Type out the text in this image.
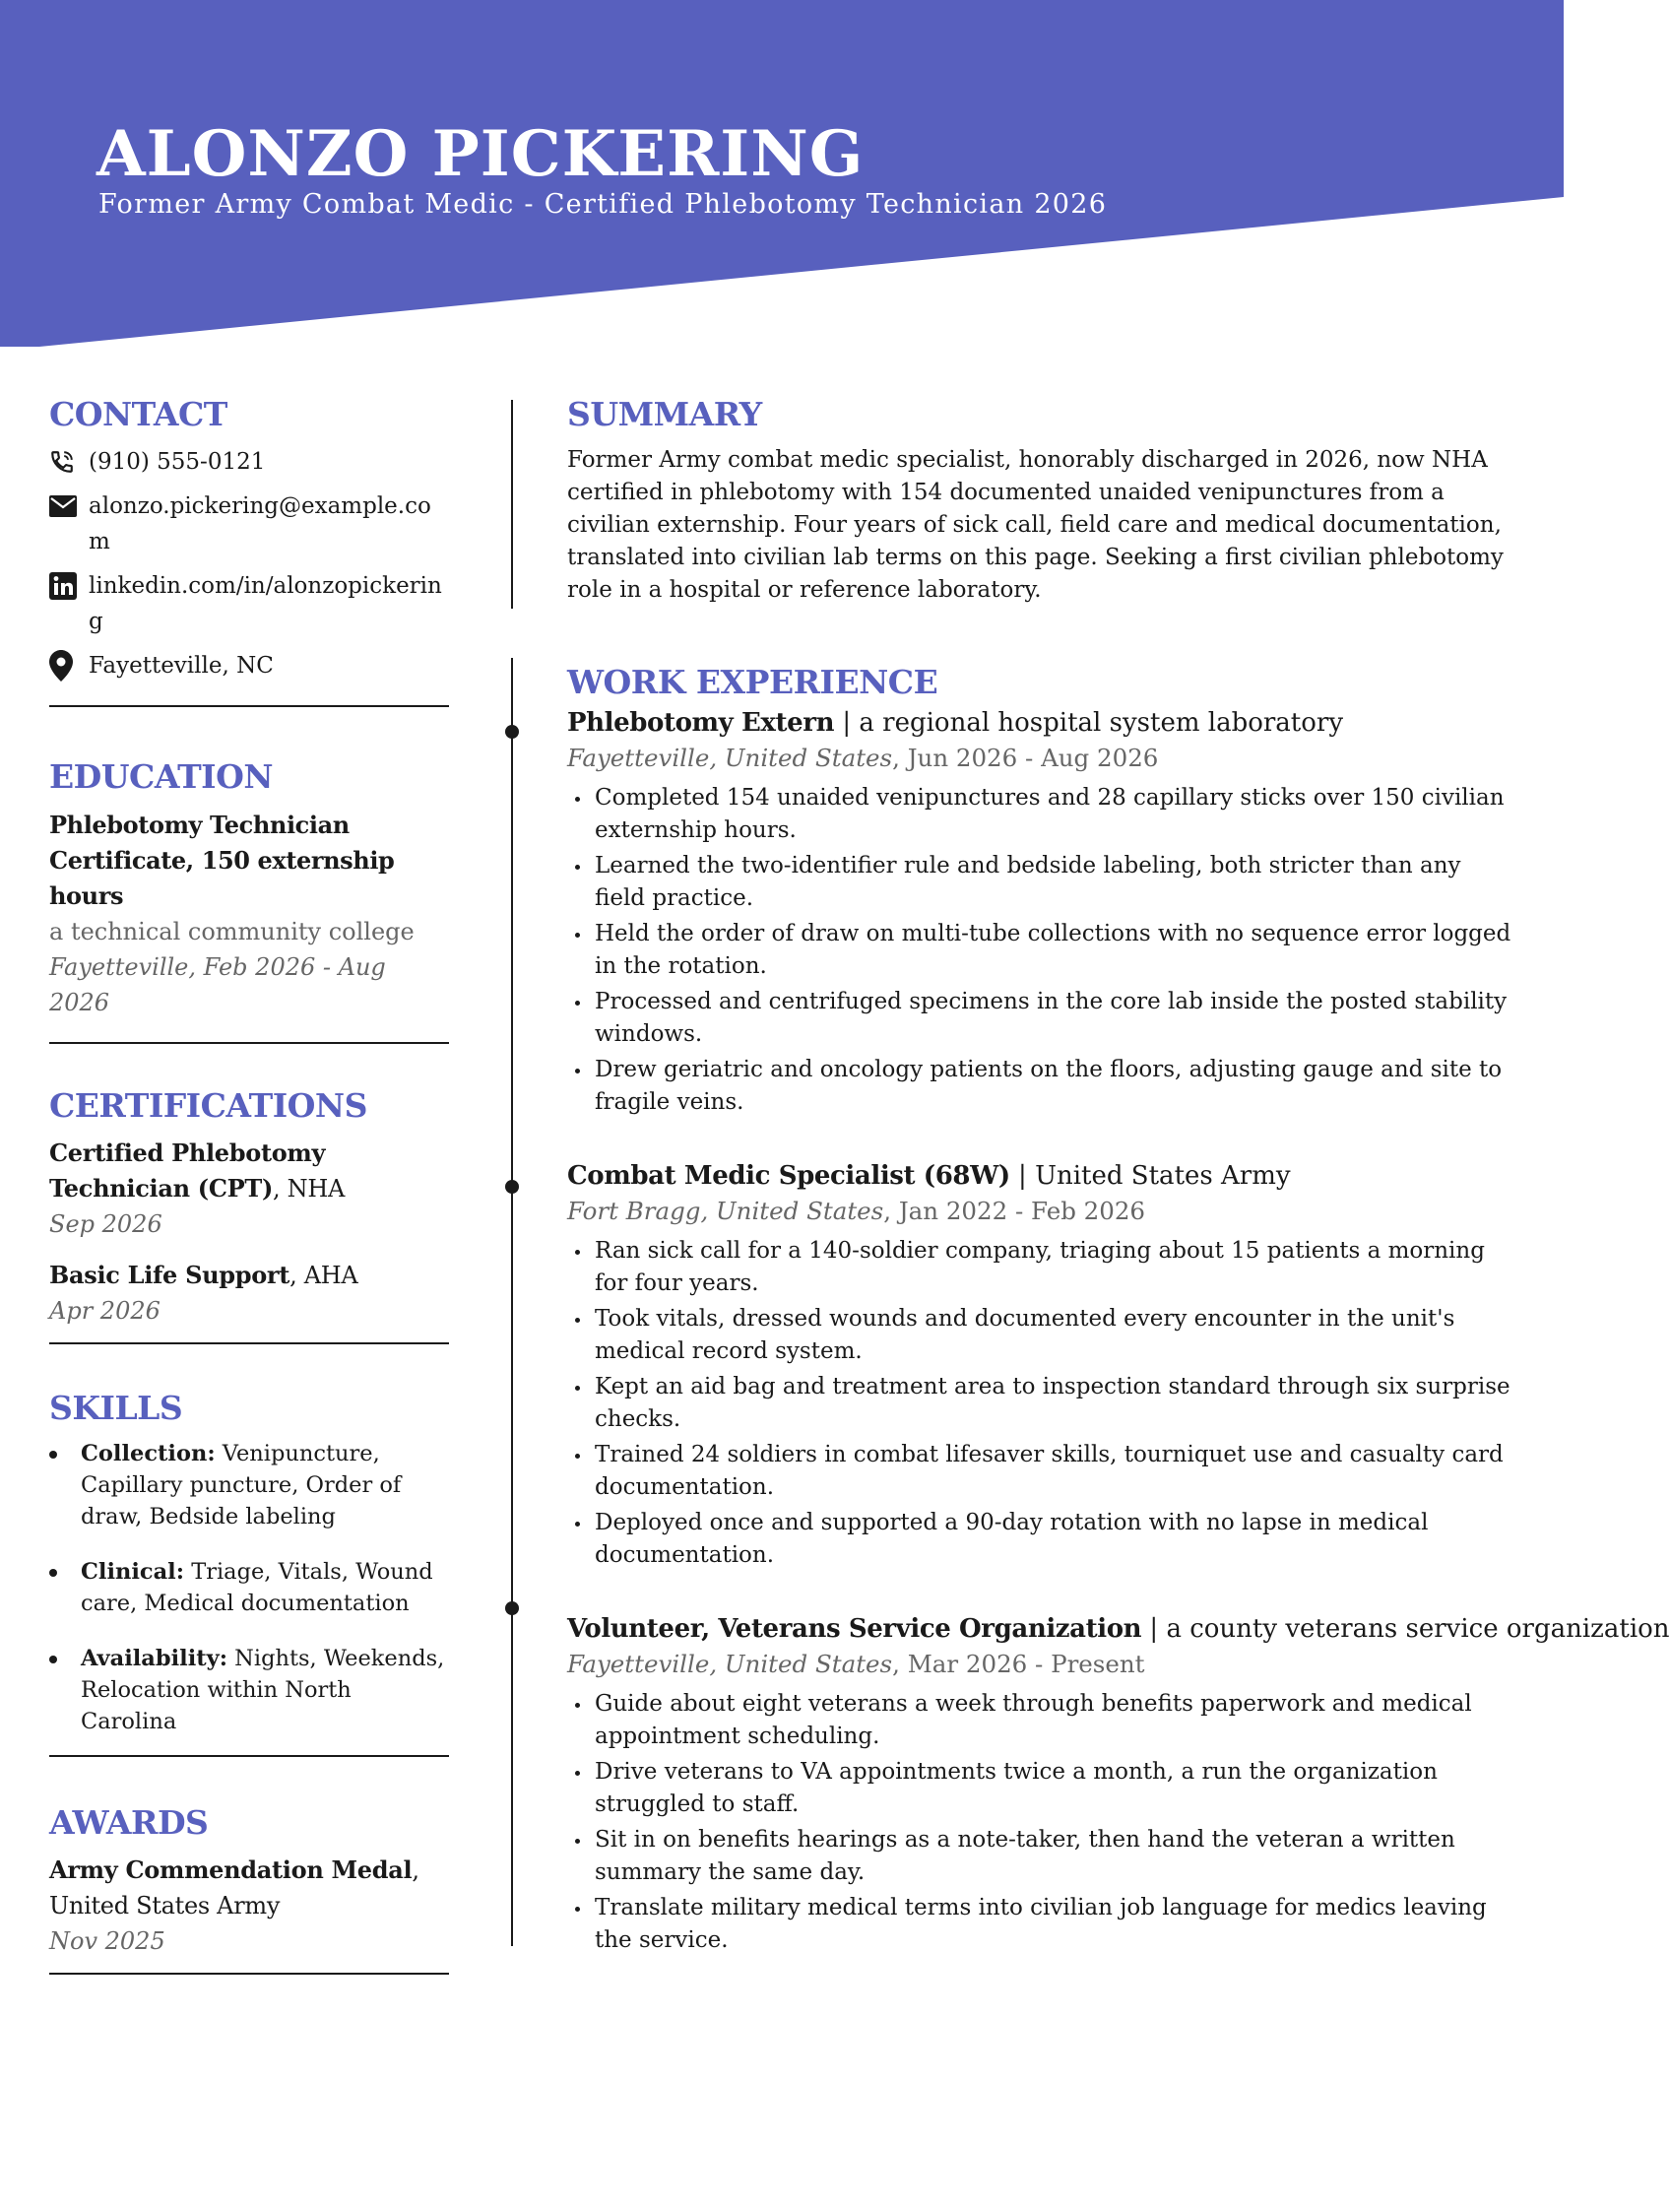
ALONZO PICKERING
Former Army Combat Medic - Certified Phlebotomy Technician 2026
CONTACT
(910) 555-0121
alonzo.pickering@example.com
linkedin.com/in/alonzopickering
Fayetteville, NC
EDUCATION
Phlebotomy Technician Certificate, 150 externship hours
a technical community college
Fayetteville, Feb 2026 - Aug 2026
CERTIFICATIONS
Certified Phlebotomy Technician (CPT), NHA
Sep 2026
Basic Life Support, AHA
Apr 2026
SKILLS
Collection: Venipuncture, Capillary puncture, Order of draw, Bedside labeling
Clinical: Triage, Vitals, Wound care, Medical documentation
Availability: Nights, Weekends, Relocation within North Carolina
AWARDS
Army Commendation Medal, United States Army
Nov 2025
SUMMARY

Former Army combat medic specialist, honorably discharged in 2026, now NHA certified in phlebotomy with 154 documented unaided venipunctures from a civilian externship. Four years of sick call, field care and medical documentation, translated into civilian lab terms on this page. Seeking a first civilian phlebotomy role in a hospital or reference laboratory.

WORK EXPERIENCE
Phlebotomy Extern | a regional hospital system laboratory
Fayetteville, United States, Jun 2026 - Aug 2026
Completed 154 unaided venipunctures and 28 capillary sticks over 150 civilian externship hours.
Learned the two-identifier rule and bedside labeling, both stricter than any field practice.
Held the order of draw on multi-tube collections with no sequence error logged in the rotation.
Processed and centrifuged specimens in the core lab inside the posted stability windows.
Drew geriatric and oncology patients on the floors, adjusting gauge and site to fragile veins.
Combat Medic Specialist (68W) | United States Army
Fort Bragg, United States, Jan 2022 - Feb 2026
Ran sick call for a 140-soldier company, triaging about 15 patients a morning for four years.
Took vitals, dressed wounds and documented every encounter in the unit's medical record system.
Kept an aid bag and treatment area to inspection standard through six surprise checks.
Trained 24 soldiers in combat lifesaver skills, tourniquet use and casualty card documentation.
Deployed once and supported a 90-day rotation with no lapse in medical documentation.
Volunteer, Veterans Service Organization | a county veterans service organization
Fayetteville, United States, Mar 2026 - Present
Guide about eight veterans a week through benefits paperwork and medical appointment scheduling.
Drive veterans to VA appointments twice a month, a run the organization struggled to staff.
Sit in on benefits hearings as a note-taker, then hand the veteran a written summary the same day.
Translate military medical terms into civilian job language for medics leaving the service.
